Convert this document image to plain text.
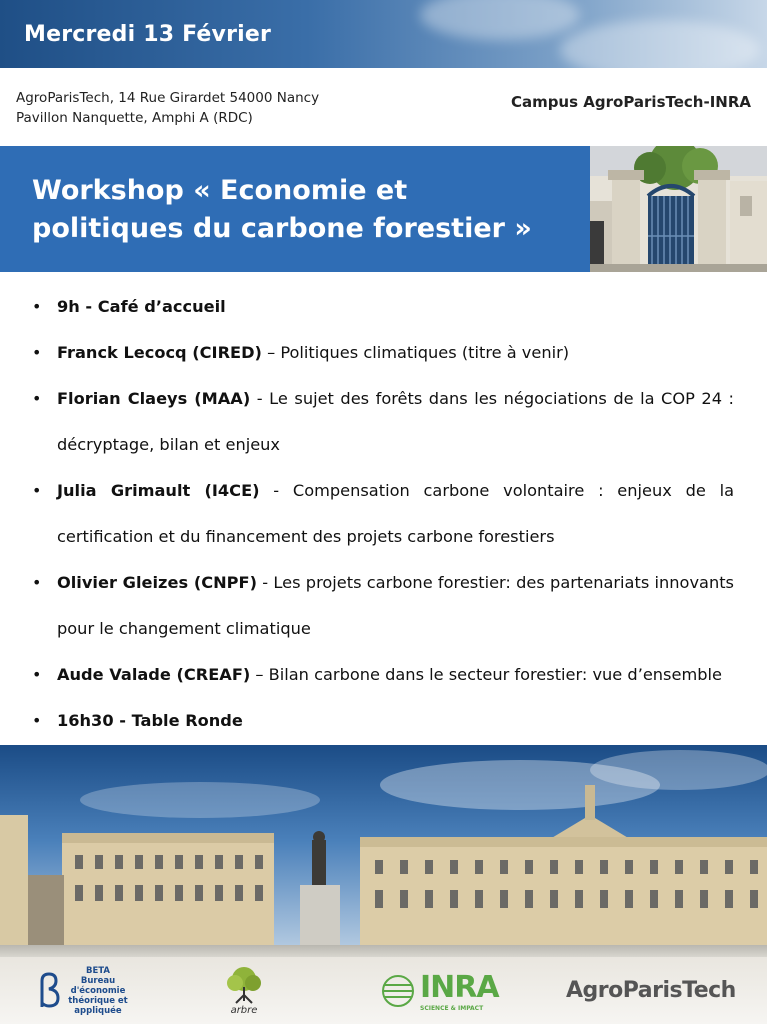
Mercredi 13 Février
AgroParisTech, 14 Rue Girardet 54000 Nancy
Pavillon Nanquette, Amphi A (RDC)
Campus AgroParisTech-INRA
Workshop « Economie et
politiques du carbone forestier »
• 9h - Café d’accueil
• Franck Lecocq (CIRED) – Politiques climatiques (titre à venir)
• Florian Claeys (MAA) - Le sujet des forêts dans les négociations de la COP 24 : décryptage, bilan et enjeux
• Julia Grimault (I4CE) - Compensation carbone volontaire : enjeux de la certification et du financement des projets carbone forestiers
• Olivier Gleizes (CNPF) - Les projets carbone forestier: des partenariats innovants pour le changement climatique
• Aude Valade (CREAF) – Bilan carbone dans le secteur forestier: vue d’ensemble
• 16h30 - Table Ronde
BETA Bureau d'économie théorique et appliquée	arbre
INRA
SCIENCE & IMPACT
AgroParisTech
